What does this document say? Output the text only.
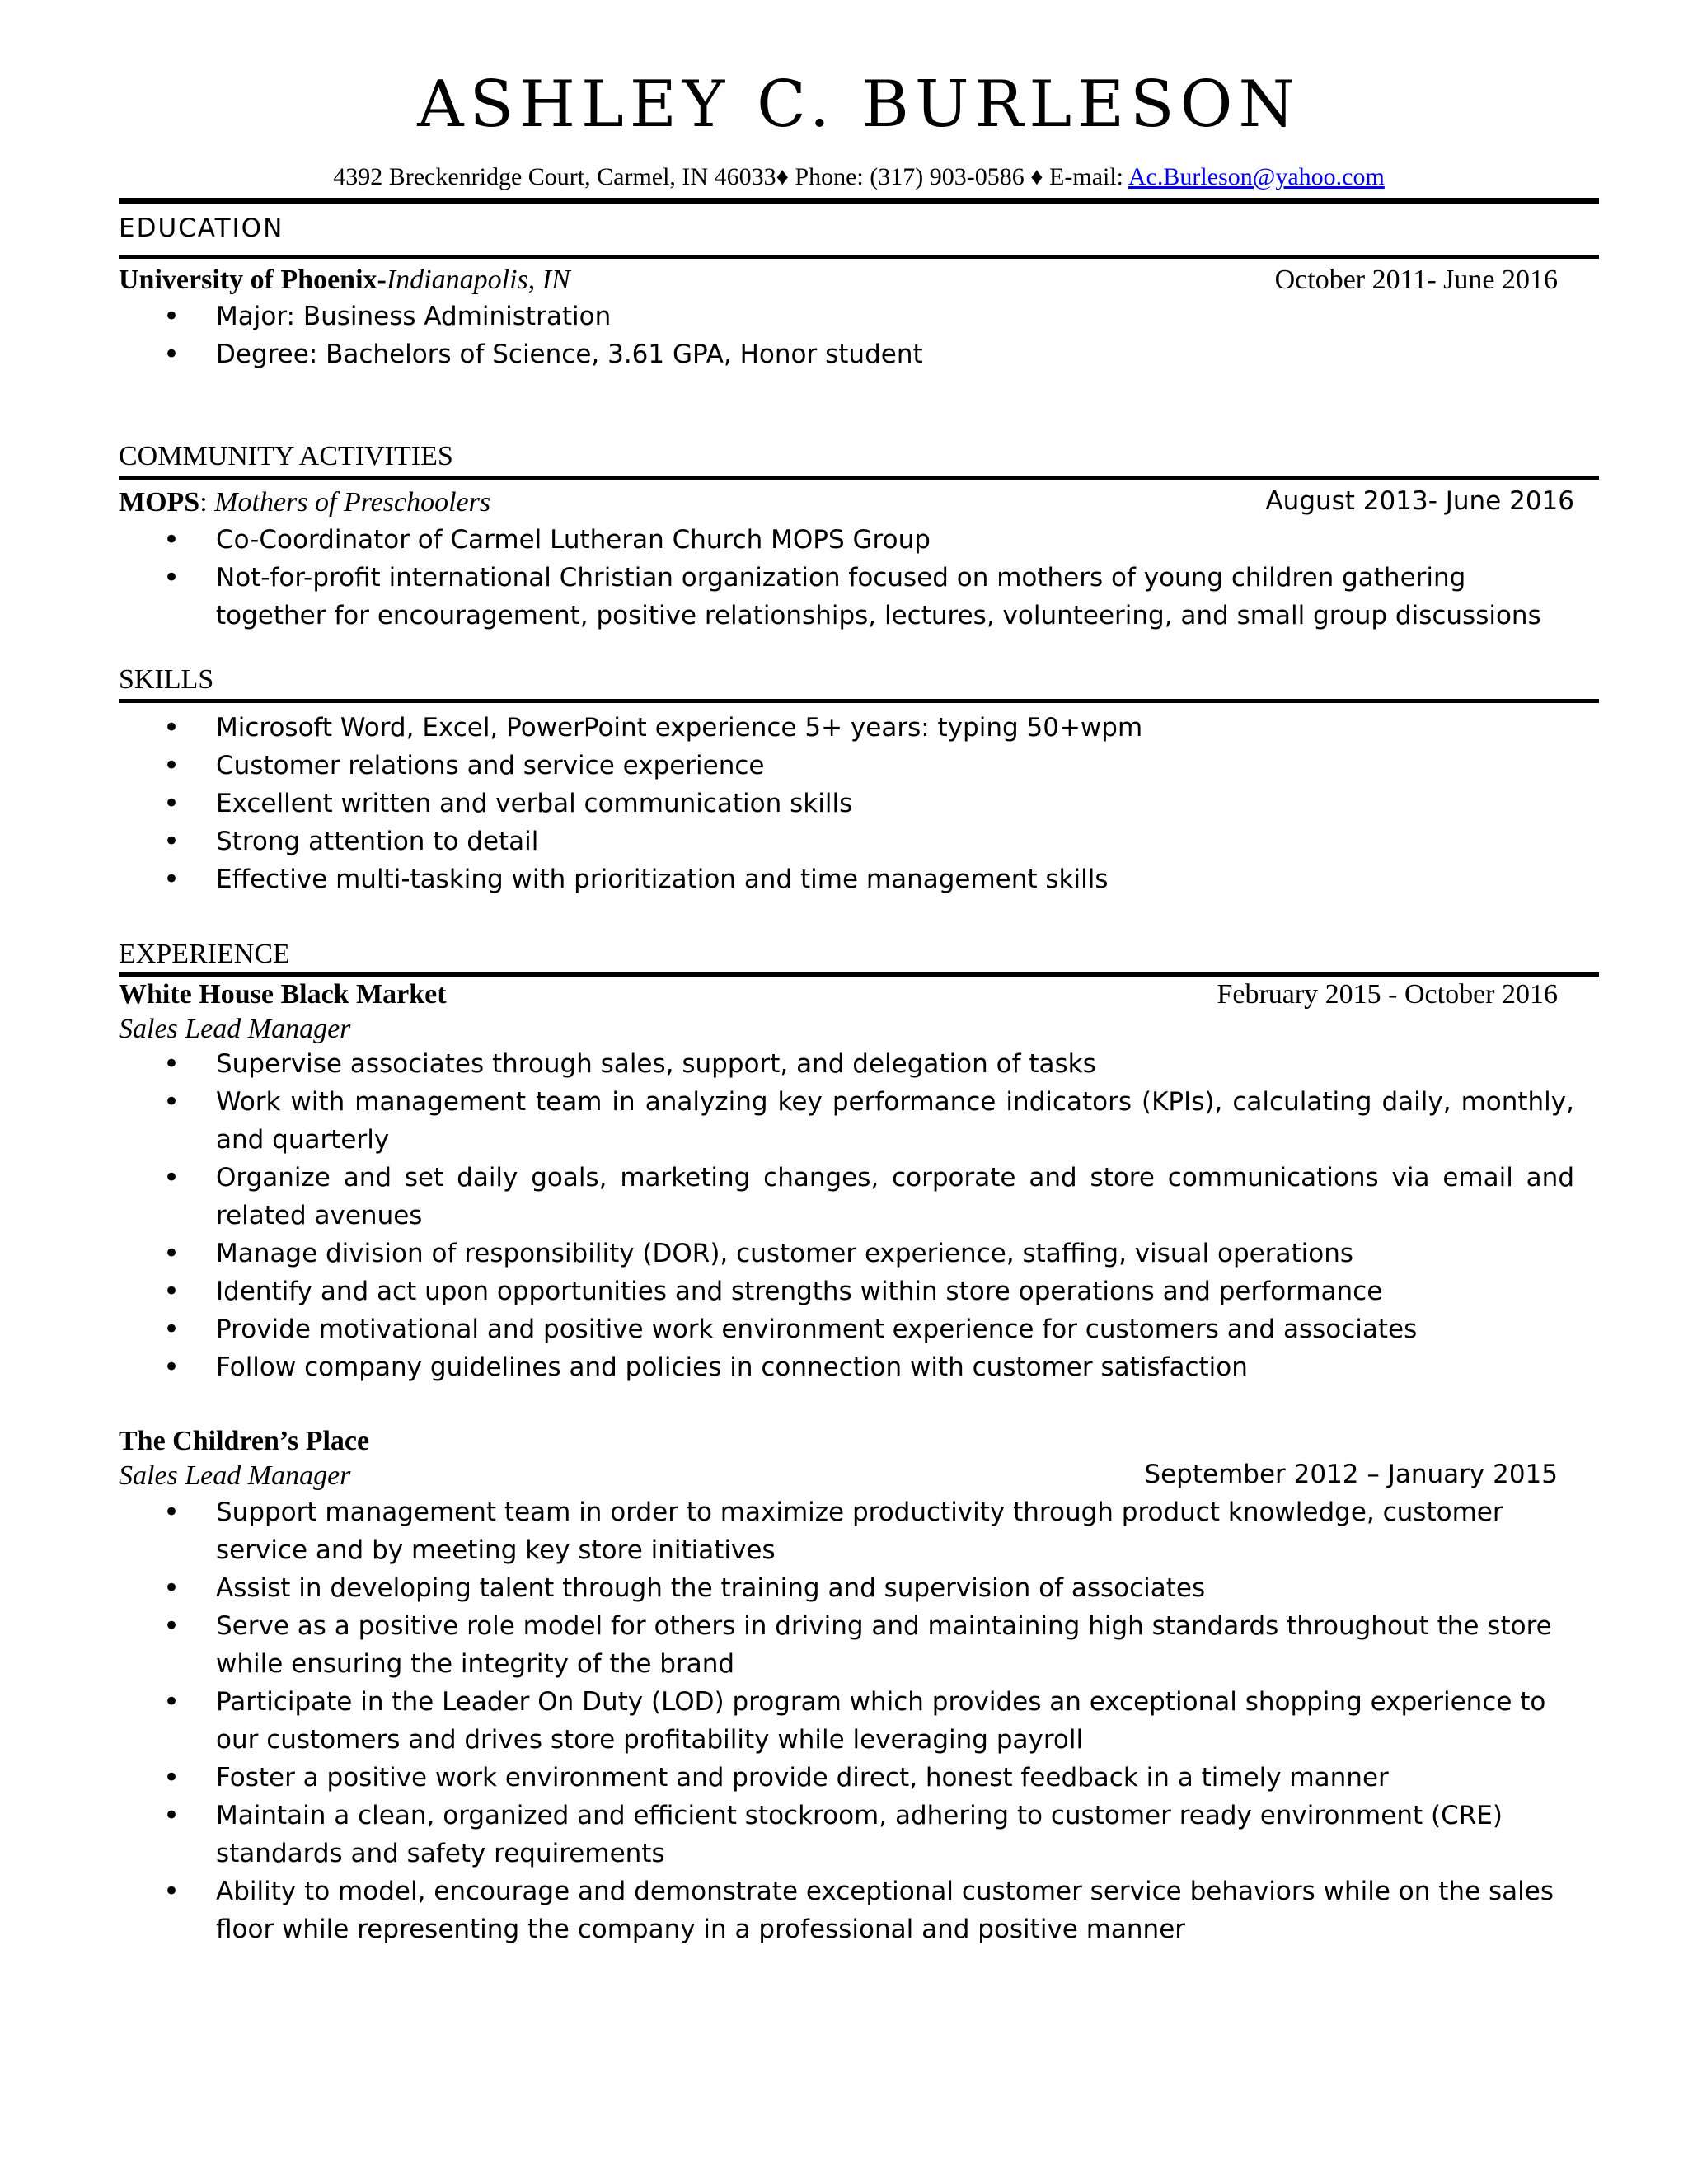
ASHLEY C. BURLESON
4392 Breckenridge Court, Carmel, IN 46033♦ Phone: (317) 903-0586 ♦ E-mail: Ac.Burleson@yahoo.com
EDUCATION
University of Phoenix-Indianapolis, IN	October 2011- June 2016
• Major: Business Administration
• Degree: Bachelors of Science, 3.61 GPA, Honor student
COMMUNITY ACTIVITIES
MOPS: Mothers of Preschoolers	August 2013- June 2016
• Co-Coordinator of Carmel Lutheran Church MOPS Group
• Not-for-profit international Christian organization focused on mothers of young children gathering together for encouragement, positive relationships, lectures, volunteering, and small group discussions
SKILLS
• Microsoft Word, Excel, PowerPoint experience 5+ years: typing 50+wpm
• Customer relations and service experience
• Excellent written and verbal communication skills
• Strong attention to detail
• Effective multi-tasking with prioritization and time management skills
EXPERIENCE
White House Black Market	February 2015 - October 2016
Sales Lead Manager
• Supervise associates through sales, support, and delegation of tasks
• Work with management team in analyzing key performance indicators (KPIs), calculating daily, monthly, and quarterly
• Organize and set daily goals, marketing changes, corporate and store communications via email and related avenues
• Manage division of responsibility (DOR), customer experience, staffing, visual operations
• Identify and act upon opportunities and strengths within store operations and performance
• Provide motivational and positive work environment experience for customers and associates
• Follow company guidelines and policies in connection with customer satisfaction
The Children’s Place
Sales Lead Manager	September 2012 – January 2015
• Support management team in order to maximize productivity through product knowledge, customer service and by meeting key store initiatives
• Assist in developing talent through the training and supervision of associates
• Serve as a positive role model for others in driving and maintaining high standards throughout the store while ensuring the integrity of the brand
• Participate in the Leader On Duty (LOD) program which provides an exceptional shopping experience to our customers and drives store profitability while leveraging payroll
• Foster a positive work environment and provide direct, honest feedback in a timely manner
• Maintain a clean, organized and efficient stockroom, adhering to customer ready environment (CRE) standards and safety requirements
• Ability to model, encourage and demonstrate exceptional customer service behaviors while on the sales floor while representing the company in a professional and positive manner
